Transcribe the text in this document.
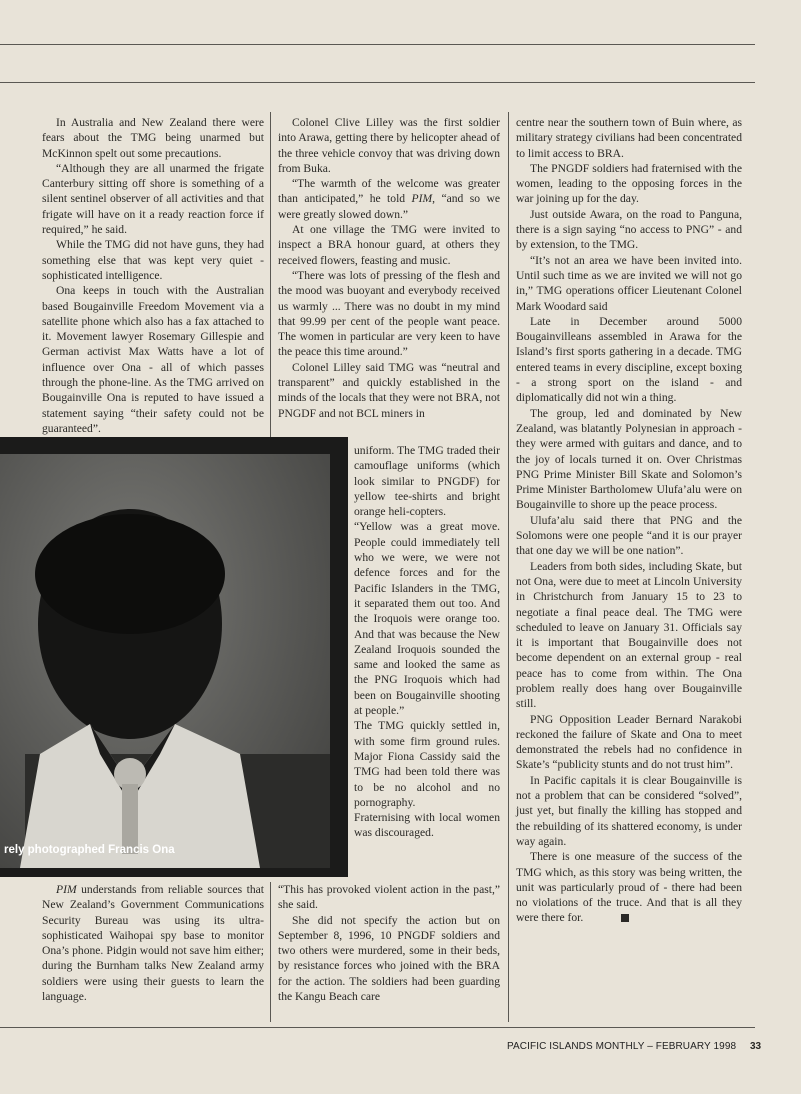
In Australia and New Zealand there were fears about the TMG being unarmed but McKinnon spelt out some precautions.

“Although they are all unarmed the frigate Canterbury sitting off shore is something of a silent sentinel observer of all activities and that frigate will have on it a ready reaction force if required,” he said.

While the TMG did not have guns, they had something else that was kept very quiet - sophisticated intelligence.

Ona keeps in touch with the Australian based Bougainville Freedom Movement via a satellite phone which also has a fax attached to it. Movement lawyer Rosemary Gillespie and German activist Max Watts have a lot of influence over Ona - all of which passes through the phone-line. As the TMG arrived on Bougainville Ona is reputed to have issued a statement saying “their safety could not be guaranteed”.

rely photographed Francis Ona

Colonel Clive Lilley was the first soldier into Arawa, getting there by helicopter ahead of the three vehicle convoy that was driving down from Buka.

“The warmth of the welcome was greater than anticipated,” he told PIM, “and so we were greatly slowed down.”

At one village the TMG were invited to inspect a BRA honour guard, at others they received flowers, feasting and music.

“There was lots of pressing of the flesh and the mood was buoyant and everybody received us warmly ... There was no doubt in my mind that 99.99 per cent of the people want peace. The women in particular are very keen to have the peace this time around.”

Colonel Lilley said TMG was “neutral and transparent” and quickly established in the minds of the locals that they were not BRA, not PNGDF and not BCL miners in

uniform. The TMG traded their camouflage uniforms (which look similar to PNGDF) for yellow tee-shirts and bright orange heli-copters.

“Yellow was a great move. People could immediately tell who we were, we were not defence forces and for the Pacific Islanders in the TMG, it separated them out too. And the Iroquois were orange too. And that was because the New Zealand Iroquois sounded the same and looked the same as the PNG Iroquois which had been on Bougainville shooting at people.”

The TMG quickly settled in, with some firm ground rules. Major Fiona Cassidy said the TMG had been told there was to be no alcohol and no pornography.

Fraternising with local women was discouraged.

PIM understands from reliable sources that New Zealand’s Government Communications Security Bureau was using its ultra-sophisticated Waihopai spy base to monitor Ona’s phone. Pidgin would not save him either; during the Burnham talks New Zealand army soldiers were using their guests to learn the language.

“This has provoked violent action in the past,” she said.

She did not specify the action but on September 8, 1996, 10 PNGDF soldiers and two others were murdered, some in their beds, by resistance forces who joined with the BRA for the action. The soldiers had been guarding the Kangu Beach care

centre near the southern town of Buin where, as military strategy civilians had been concentrated to limit access to BRA.

The PNGDF soldiers had fraternised with the women, leading to the opposing forces in the war joining up for the day.

Just outside Awara, on the road to Panguna, there is a sign saying “no access to PNG” - and by extension, to the TMG.

“It’s not an area we have been invited into. Until such time as we are invited we will not go in,” TMG operations officer Lieutenant Colonel Mark Woodard said

Late in December around 5000 Bougainvilleans assembled in Arawa for the Island’s first sports gathering in a decade. TMG entered teams in every discipline, except boxing - a strong sport on the island - and diplomatically did not win a thing.

The group, led and dominated by New Zealand, was blatantly Polynesian in approach - they were armed with guitars and dance, and to the joy of locals turned it on. Over Christmas PNG Prime Minister Bill Skate and Solomon’s Prime Minister Bartholomew Ulufa’alu were on Bougainville to shore up the peace process.

Ulufa’alu said there that PNG and the Solomons were one people “and it is our prayer that one day we will be one nation”.

Leaders from both sides, including Skate, but not Ona, were due to meet at Lincoln University in Christchurch from January 15 to 23 to negotiate a final peace deal. The TMG were scheduled to leave on January 31. Officials say it is important that Bougainville does not become dependent on an external group - real peace has to come from within. The Ona problem really does hang over Bougainville still.

PNG Opposition Leader Bernard Narakobi reckoned the failure of Skate and Ona to meet demonstrated the rebels had no confidence in Skate’s “publicity stunts and do not trust him”.

In Pacific capitals it is clear Bougainville is not a problem that can be considered “solved”, just yet, but finally the killing has stopped and the rebuilding of its shattered economy, is under way again.

There is one measure of the success of the TMG which, as this story was being written, the unit was particularly proud of - there had been no violations of the truce. And that is all they were there for.

PACIFIC ISLANDS MONTHLY – FEBRUARY 1998 33
